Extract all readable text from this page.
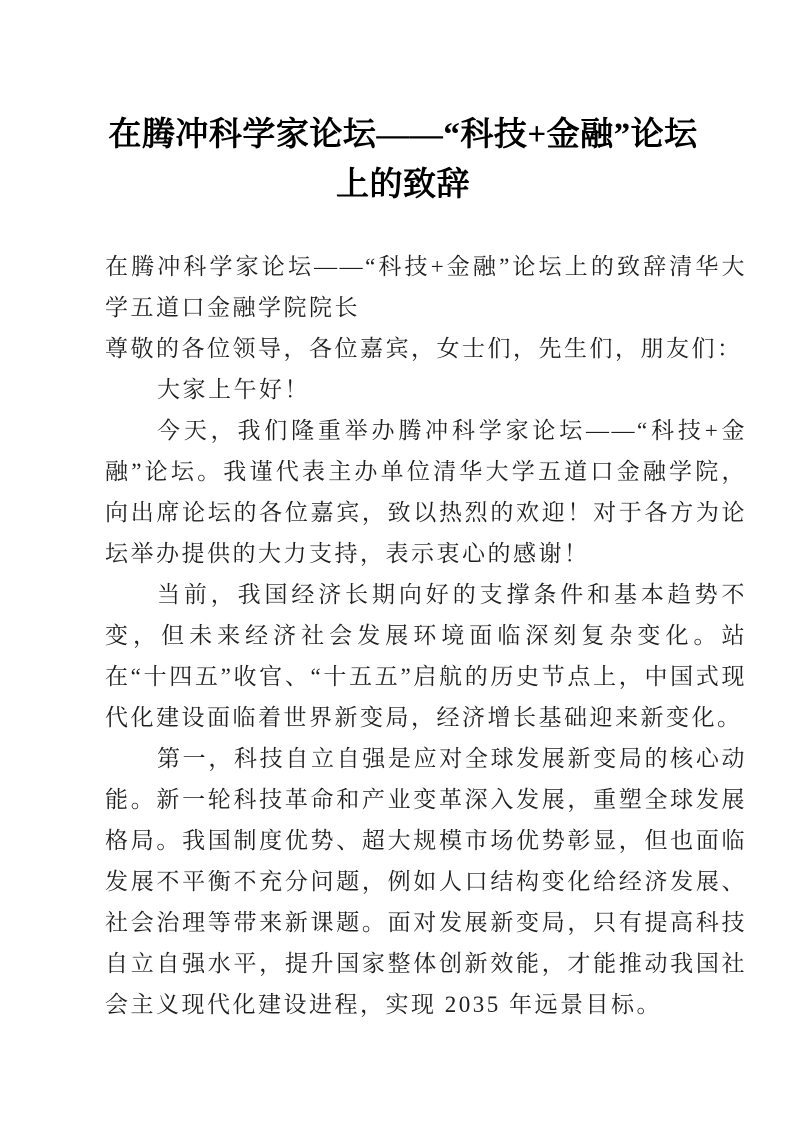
在腾冲科学家论坛——“科技+金融”论坛
上的致辞

在腾冲科学家论坛——“科技+金融”论坛上的致辞清华大学五道口金融学院院长

尊敬的各位领导，各位嘉宾，女士们，先生们，朋友们：

大家上午好！

今天，我们隆重举办腾冲科学家论坛——“科技+金融”论坛。我谨代表主办单位清华大学五道口金融学院，向出席论坛的各位嘉宾，致以热烈的欢迎！对于各方为论坛举办提供的大力支持，表示衷心的感谢！

当前，我国经济长期向好的支撑条件和基本趋势不变，但未来经济社会发展环境面临深刻复杂变化。站在“十四五”收官、“十五五”启航的历史节点上，中国式现代化建设面临着世界新变局，经济增长基础迎来新变化。

第一，科技自立自强是应对全球发展新变局的核心动能。新一轮科技革命和产业变革深入发展，重塑全球发展格局。我国制度优势、超大规模市场优势彰显，但也面临发展不平衡不充分问题，例如人口结构变化给经济发展、社会治理等带来新课题。面对发展新变局，只有提高科技自立自强水平，提升国家整体创新效能，才能推动我国社会主义现代化建设进程，实现 2035 年远景目标。
